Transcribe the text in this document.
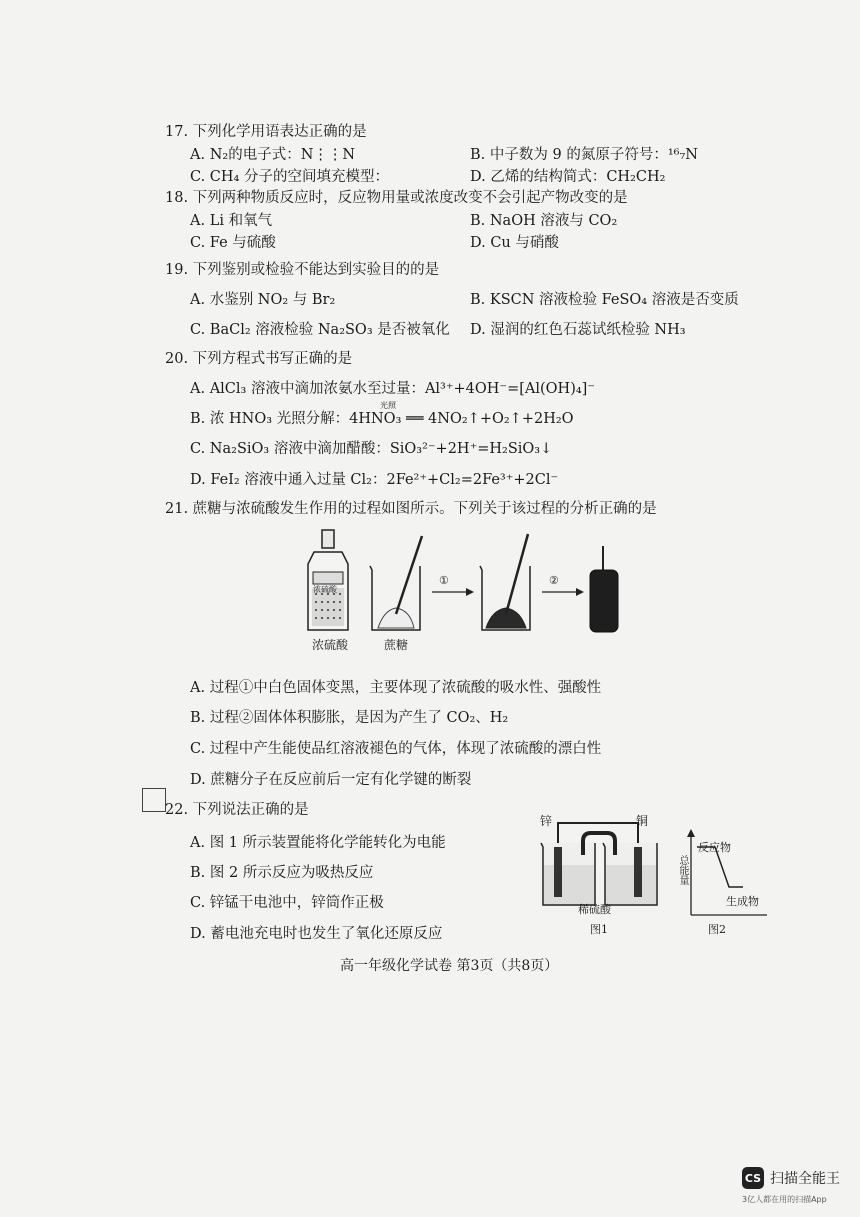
17. 下列化学用语表达正确的是
A. N₂的电子式：N⋮⋮N	B. 中子数为 9 的氮原子符号：¹⁶₇N
C. CH₄ 分子的空间填充模型：	D. 乙烯的结构简式：CH₂CH₂
18. 下列两种物质反应时，反应物用量或浓度改变不会引起产物改变的是
A. Li 和氧气	B. NaOH 溶液与 CO₂
C. Fe 与硫酸	D. Cu 与硝酸
19. 下列鉴别或检验不能达到实验目的的是
A. 水鉴别 NO₂ 与 Br₂	B. KSCN 溶液检验 FeSO₄ 溶液是否变质
C. BaCl₂ 溶液检验 Na₂SO₃ 是否被氧化 D. 湿润的红色石蕊试纸检验 NH₃
20. 下列方程式书写正确的是
A. AlCl₃ 溶液中滴加浓氨水至过量：Al³⁺+4OH⁻=[Al(OH)₄]⁻
B. 浓 HNO₃ 光照分解：4HNO₃ ══ 4NO₂↑+O₂↑+2H₂O
光照
C. Na₂SiO₃ 溶液中滴加醋酸：SiO₃²⁻+2H⁺=H₂SiO₃↓
D. FeI₂ 溶液中通入过量 Cl₂：2Fe²⁺+Cl₂=2Fe³⁺+2Cl⁻
21. 蔗糖与浓硫酸发生作用的过程如图所示。下列关于该过程的分析正确的是
浓硫酸
①	②
浓硫酸	蔗糖
A. 过程①中白色固体变黑，主要体现了浓硫酸的吸水性、强酸性
B. 过程②固体体积膨胀，是因为产生了 CO₂、H₂
C. 过程中产生能使品红溶液褪色的气体，体现了浓硫酸的漂白性
D. 蔗糖分子在反应前后一定有化学键的断裂
22. 下列说法正确的是
A. 图 1 所示装置能将化学能转化为电能
B. 图 2 所示反应为吸热反应
C. 锌锰干电池中，锌筒作正极
D. 蓄电池充电时也发生了氧化还原反应
锌	铜
稀硫酸
图1
总能量
反应物
生成物
图2
高一年级化学试卷 第3页（共8页）
CS 扫描全能王
3亿人都在用的扫描App
